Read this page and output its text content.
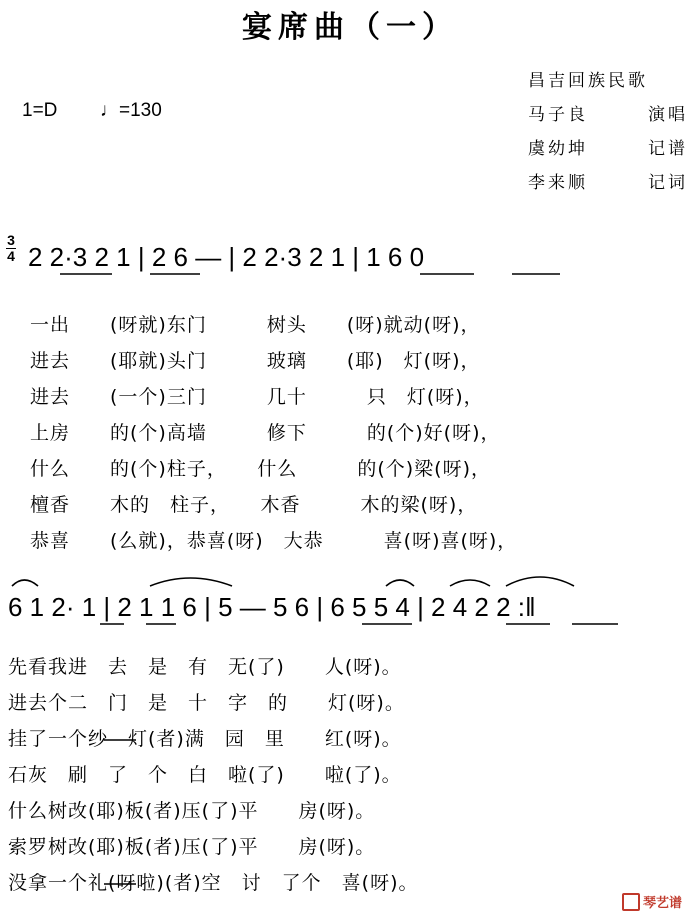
宴席曲（一）
1=D ♩=130
昌吉回族民歌
马子良	演唱
虞幼坤	记谱
李来顺	记词
3
4 2 2·3 2 1 | 2 6 — | 2 2·3 2 1 | 1 6 0
一出　　(呀就)东门　　　树头　　(呀)就动(呀)，
进去　　(耶就)头门　　　玻璃　　(耶)　灯(呀)，
进去　　(一个)三门　　　几十　　　只　灯(呀)，
上房　　的(个)高墙　　　修下　　　的(个)好(呀)，
什么　　的(个)柱子，　　什么　　　的(个)梁(呀)，
檀香　　木的　柱子，　　木香　　　木的梁(呀)，
恭喜　　(么就)，恭喜(呀)　大恭　　　喜(呀)喜(呀)，
6 1 2· 1 | 2 1 1 6 | 5 — 5 6 | 6 5 5 4 | 2 4 2 2 :‖
先看我进　去　是　有　无(了)　　人(呀)。
进去个二　门　是　十　字　的　　灯(呀)。
挂了一个纱　灯(者)满　园　里　　红(呀)。
石灰　刷　了　个　白　啦(了)　　啦(了)。
什么树改(耶)板(者)压(了)平　　房(呀)。
索罗树改(耶)板(者)压(了)平　　房(呀)。
没拿一个礼(呀啦)(者)空　讨　了个　喜(呀)。
琴艺谱
